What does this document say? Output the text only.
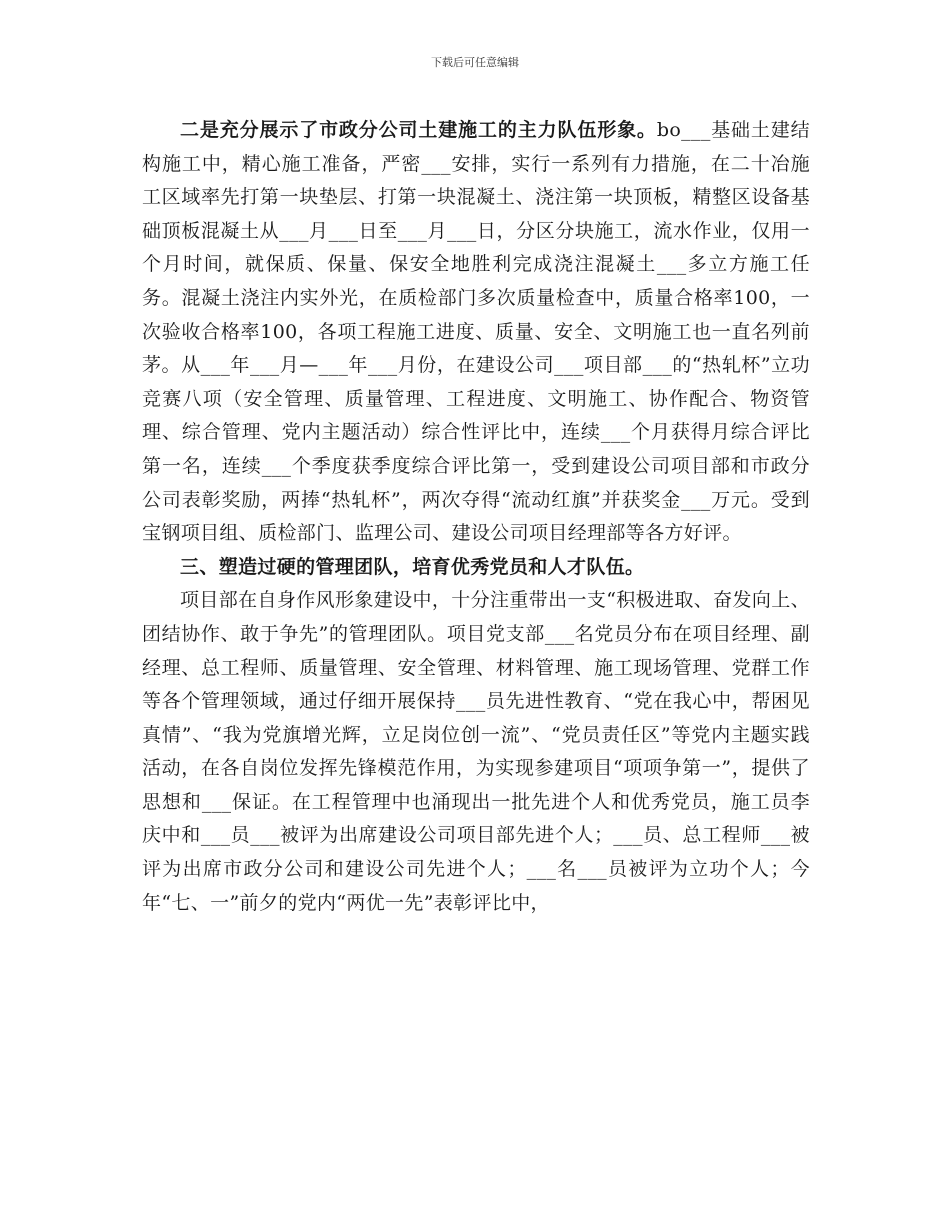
下载后可任意编辑

二是充分展示了市政分公司土建施工的主力队伍形象。bo___基础土建结构施工中，精心施工准备，严密___安排，实行一系列有力措施，在二十冶施工区域率先打第一块垫层、打第一块混凝土、浇注第一块顶板，精整区设备基础顶板混凝土从___月___日至___月___日，分区分块施工，流水作业，仅用一个月时间，就保质、保量、保安全地胜利完成浇注混凝土___多立方施工任务。混凝土浇注内实外光，在质检部门多次质量检查中，质量合格率100，一次验收合格率100，各项工程施工进度、质量、安全、文明施工也一直名列前茅。从___年___月—___年___月份，在建设公司___项目部___的“热轧杯”立功竞赛八项（安全管理、质量管理、工程进度、文明施工、协作配合、物资管理、综合管理、党内主题活动）综合性评比中，连续___个月获得月综合评比第一名，连续___个季度获季度综合评比第一，受到建设公司项目部和市政分公司表彰奖励，两捧“热轧杯”，两次夺得“流动红旗”并获奖金___万元。受到宝钢项目组、质检部门、监理公司、建设公司项目经理部等各方好评。

三、塑造过硬的管理团队，培育优秀党员和人才队伍。

项目部在自身作风形象建设中，十分注重带出一支“积极进取、奋发向上、团结协作、敢于争先”的管理团队。项目党支部___名党员分布在项目经理、副经理、总工程师、质量管理、安全管理、材料管理、施工现场管理、党群工作等各个管理领域，通过仔细开展保持___员先进性教育、“党在我心中，帮困见真情”、“我为党旗增光辉，立足岗位创一流”、“党员责任区”等党内主题实践活动，在各自岗位发挥先锋模范作用，为实现参建项目“项项争第一”，提供了思想和___保证。在工程管理中也涌现出一批先进个人和优秀党员，施工员李庆中和___员___被评为出席建设公司项目部先进个人；___员、总工程师___被评为出席市政分公司和建设公司先进个人；___名___员被评为立功个人；今年“七、一”前夕的党内“两优一先”表彰评比中，
